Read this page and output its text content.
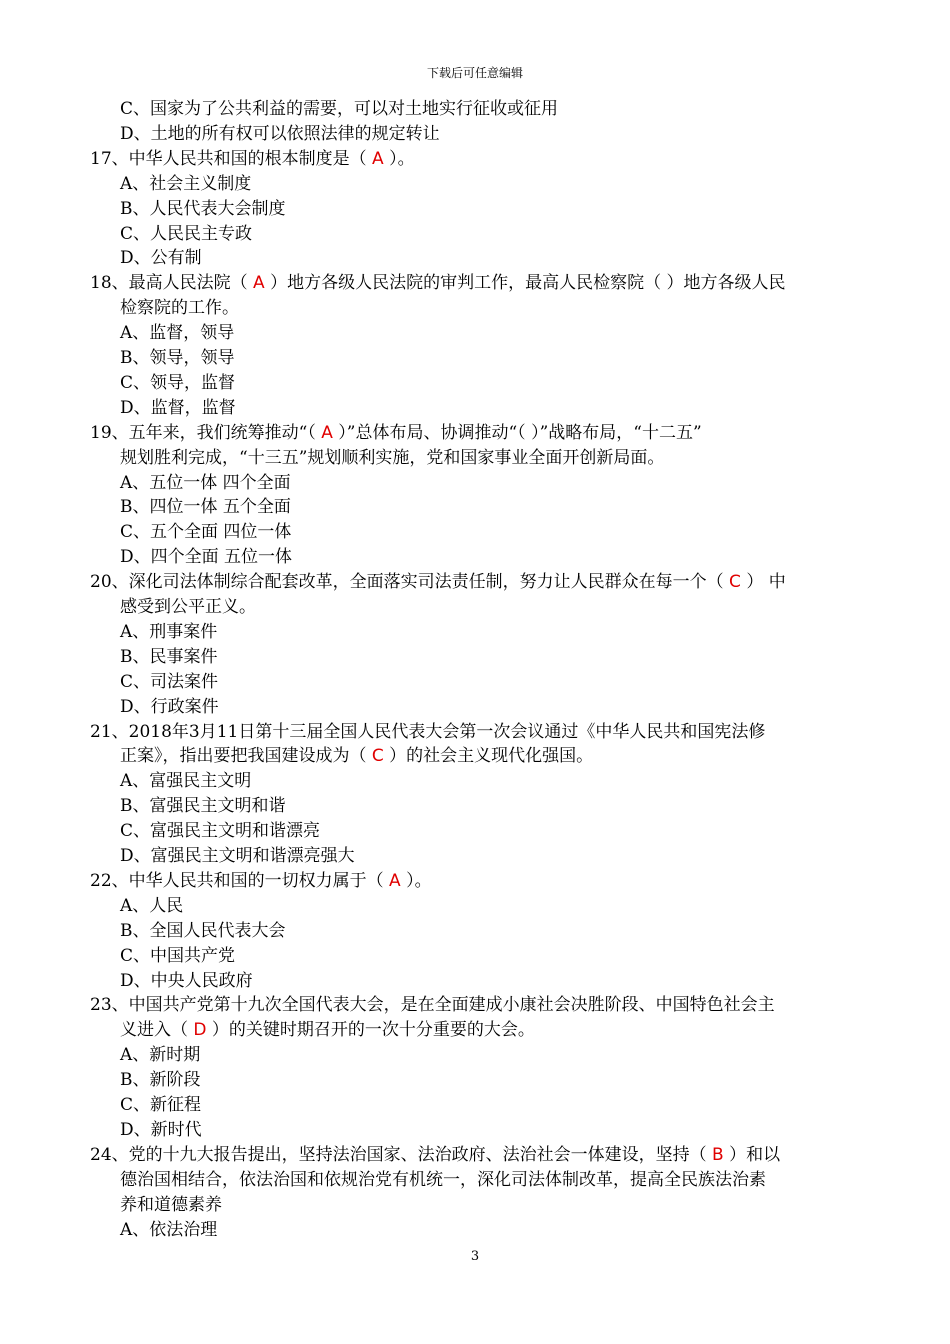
下载后可任意编辑
C、国家为了公共利益的需要，可以对土地实行征收或征用
D、土地的所有权可以依照法律的规定转让
17、中华人民共和国的根本制度是（ A ）。
A、社会主义制度
B、人民代表大会制度
C、人民民主专政
D、公有制
18、最高人民法院（ A ）地方各级人民法院的审判工作，最高人民检察院（ ）地方各级人民
检察院的工作。
A、监督，领导
B、领导，领导
C、领导，监督
D、监督，监督
19、五年来，我们统筹推动“（ A ）”总体布局、协调推动“（ ）”战略布局，“十二五”
规划胜利完成，“十三五”规划顺利实施，党和国家事业全面开创新局面。
A、五位一体 四个全面
B、四位一体 五个全面
C、五个全面 四位一体
D、四个全面 五位一体
20、深化司法体制综合配套改革，全面落实司法责任制，努力让人民群众在每一个（ C ） 中
感受到公平正义。
A、刑事案件
B、民事案件
C、司法案件
D、行政案件
21、2018年3月11日第十三届全国人民代表大会第一次会议通过《中华人民共和国宪法修
正案》，指出要把我国建设成为（ C ）的社会主义现代化强国。
A、富强民主文明
B、富强民主文明和谐
C、富强民主文明和谐漂亮
D、富强民主文明和谐漂亮强大
22、中华人民共和国的一切权力属于（ A ）。
A、人民
B、全国人民代表大会
C、中国共产党
D、中央人民政府
23、中国共产党第十九次全国代表大会，是在全面建成小康社会决胜阶段、中国特色社会主
义进入（ D ）的关键时期召开的一次十分重要的大会。
A、新时期
B、新阶段
C、新征程
D、新时代
24、党的十九大报告提出，坚持法治国家、法治政府、法治社会一体建设，坚持（ B ）和以
德治国相结合，依法治国和依规治党有机统一，深化司法体制改革，提高全民族法治素
养和道德素养
A、依法治理
3
